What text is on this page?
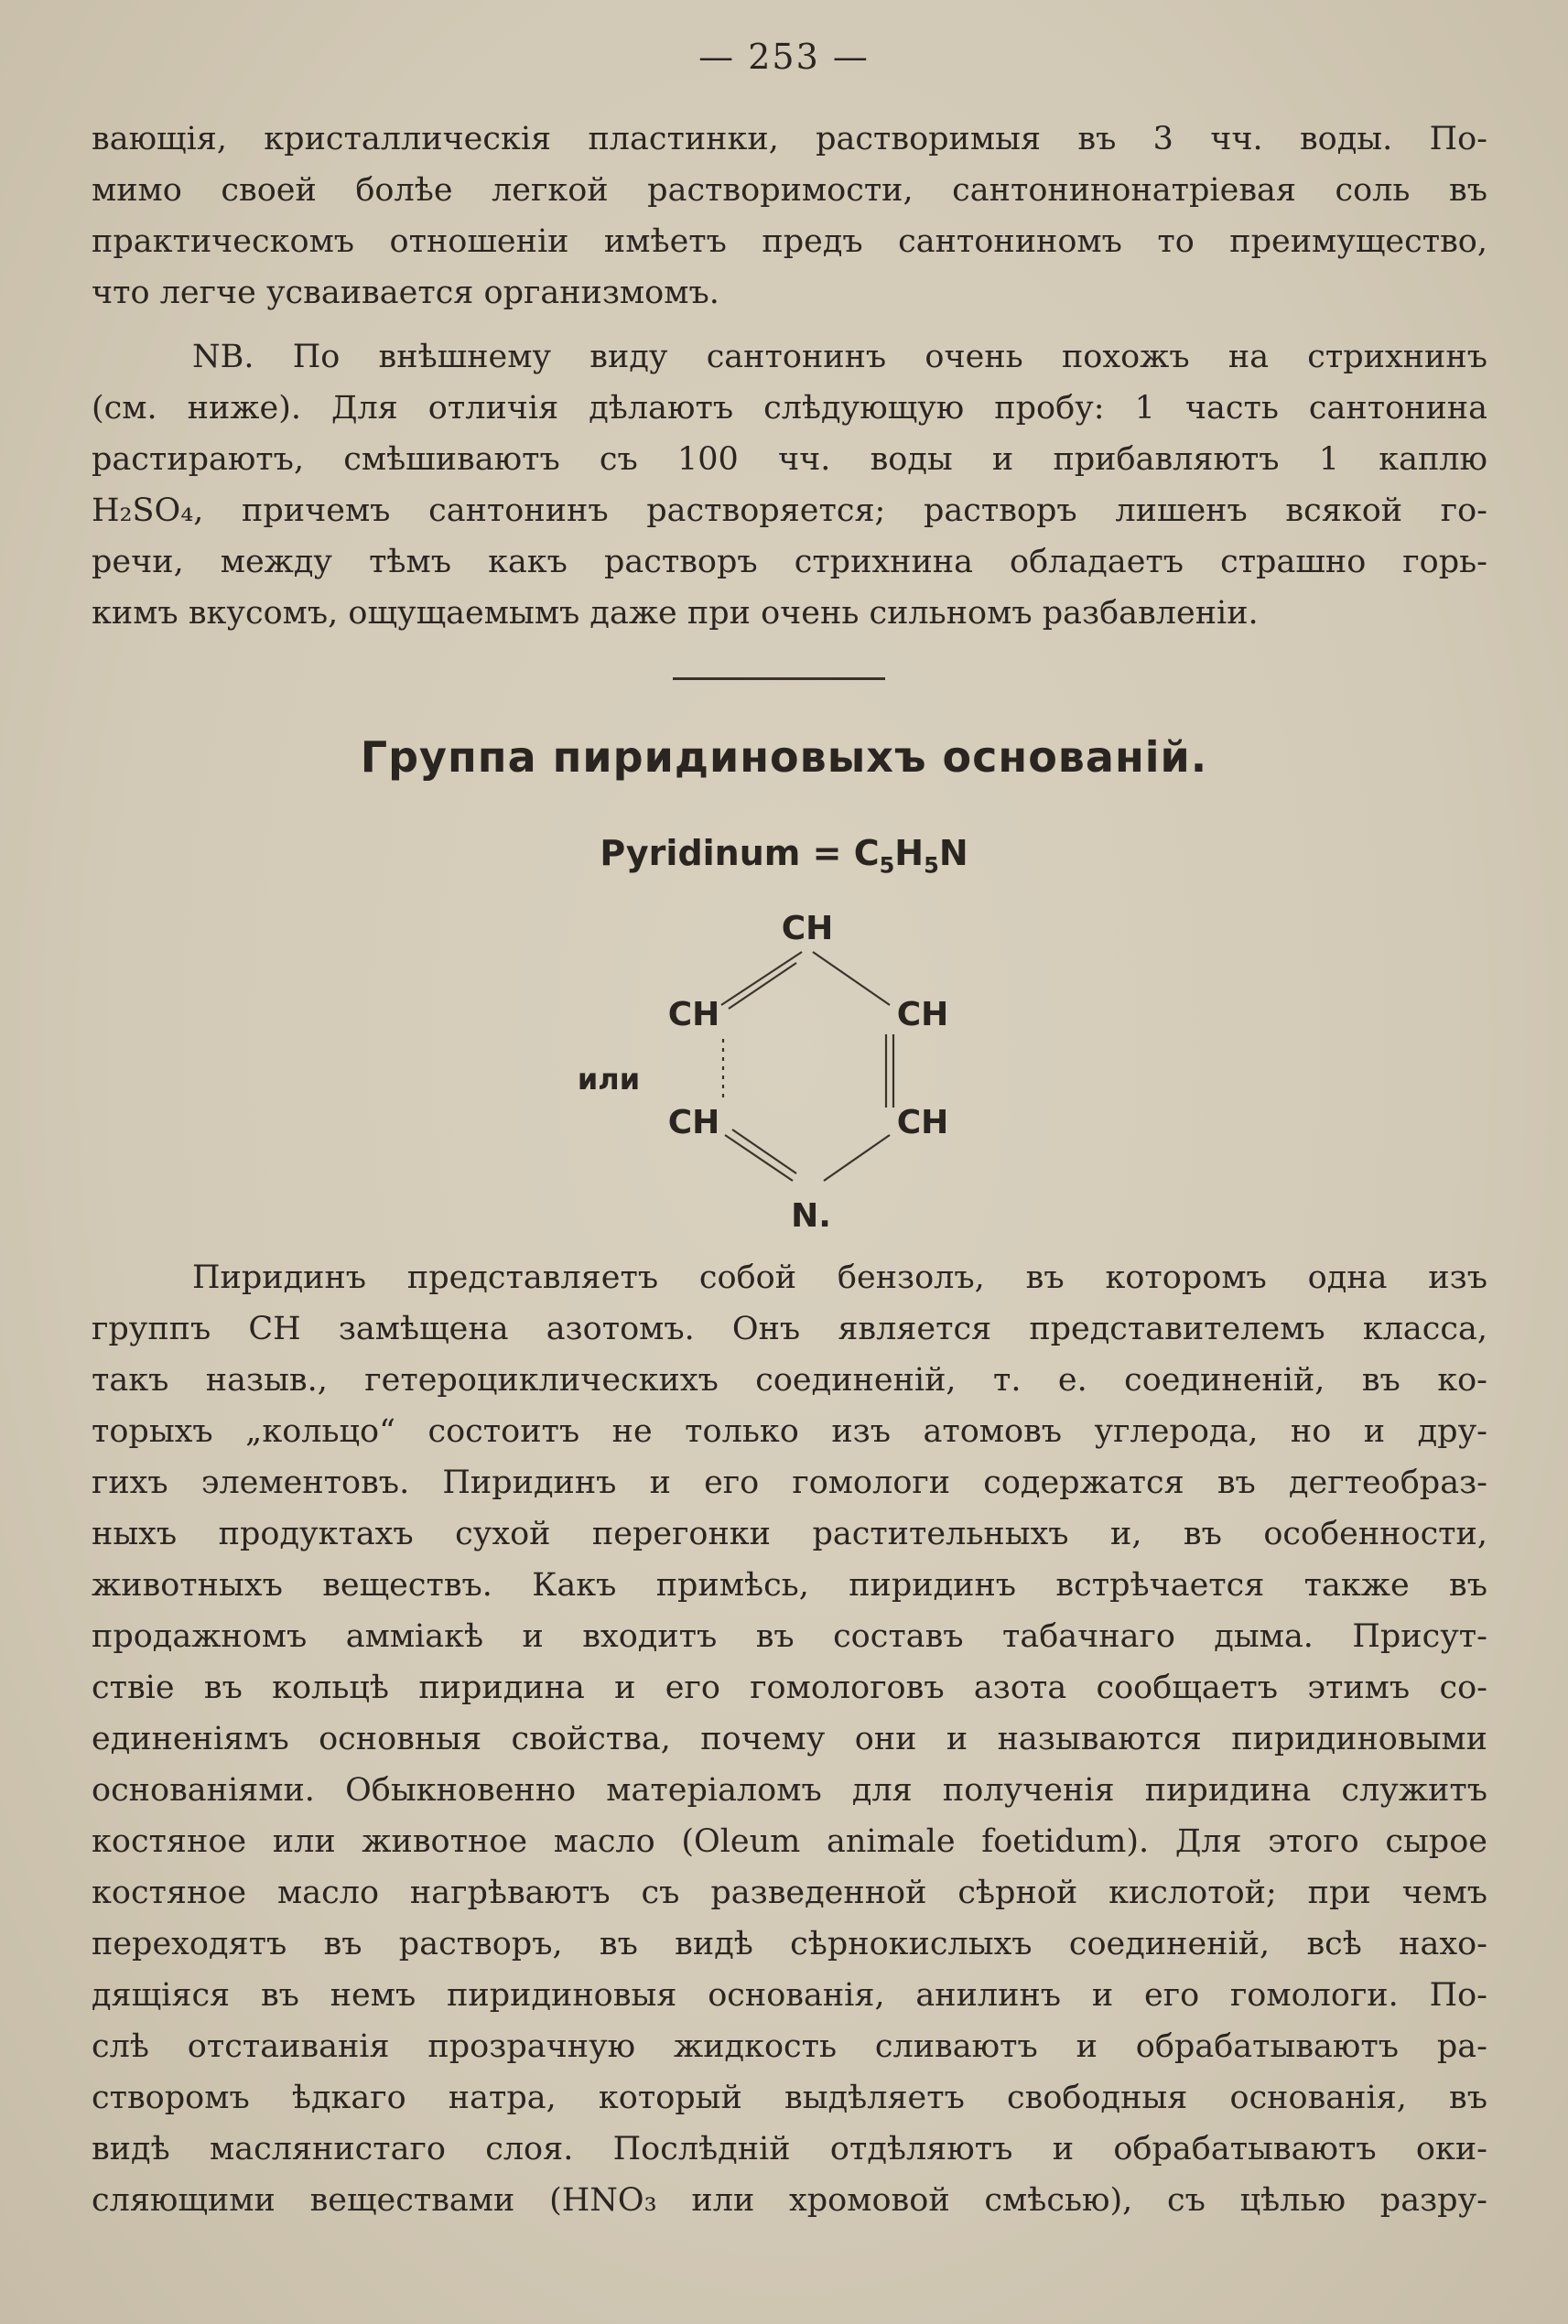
— 253 —
вающія, кристаллическія пластинки, растворимыя въ 3 чч. воды. По-
мимо своей болѣе легкой растворимости, сантонинонатріевая соль въ
практическомъ отношеніи имѣетъ предъ сантониномъ то преимущество,
что легче усваивается организмомъ.
NB. По внѣшнему виду сантонинъ очень похожъ на стрихнинъ
(см. ниже). Для отличія дѣлаютъ слѣдующую пробу: 1 часть сантонина
растираютъ, смѣшиваютъ съ 100 чч. воды и прибавляютъ 1 каплю
H₂SO₄, причемъ сантонинъ растворяется; растворъ лишенъ всякой го-
речи, между тѣмъ какъ растворъ стрихнина обладаетъ страшно горь-
кимъ вкусомъ, ощущаемымъ даже при очень сильномъ разбавленіи.
Группа пиридиновыхъ основаній.
Pyridinum = $C_5H_5N$
CH
CH	CH
CH	CH
N.
или
Пиридинъ представляетъ собой бензолъ, въ которомъ одна изъ
группъ CH замѣщена азотомъ. Онъ является представителемъ класса,
такъ назыв., гетероциклическихъ соединеній, т. е. соединеній, въ ко-
торыхъ „кольцо“ состоитъ не только изъ атомовъ углерода, но и дру-
гихъ элементовъ. Пиридинъ и его гомологи содержатся въ дегтеобраз-
ныхъ продуктахъ сухой перегонки растительныхъ и, въ особенности,
животныхъ веществъ. Какъ примѣсь, пиридинъ встрѣчается также въ
продажномъ амміакѣ и входитъ въ составъ табачнаго дыма. Присут-
ствіе въ кольцѣ пиридина и его гомологовъ азота сообщаетъ этимъ со-
единеніямъ основныя свойства, почему они и называются пиридиновыми
основаніями. Обыкновенно матеріаломъ для полученія пиридина служитъ
костяное или животное масло (Oleum animale foetidum). Для этого сырое
костяное масло нагрѣваютъ съ разведенной сѣрной кислотой; при чемъ
переходятъ въ растворъ, въ видѣ сѣрнокислыхъ соединеній, всѣ нахо-
дящіяся въ немъ пиридиновыя основанія, анилинъ и его гомологи. По-
слѣ отстаиванія прозрачную жидкость сливаютъ и обрабатываютъ ра-
створомъ ѣдкаго натра, который выдѣляетъ свободныя основанія, въ
видѣ маслянистаго слоя. Послѣдній отдѣляютъ и обрабатываютъ оки-
сляющими веществами (HNO₃ или хромовой смѣсью), съ цѣлью разру-
